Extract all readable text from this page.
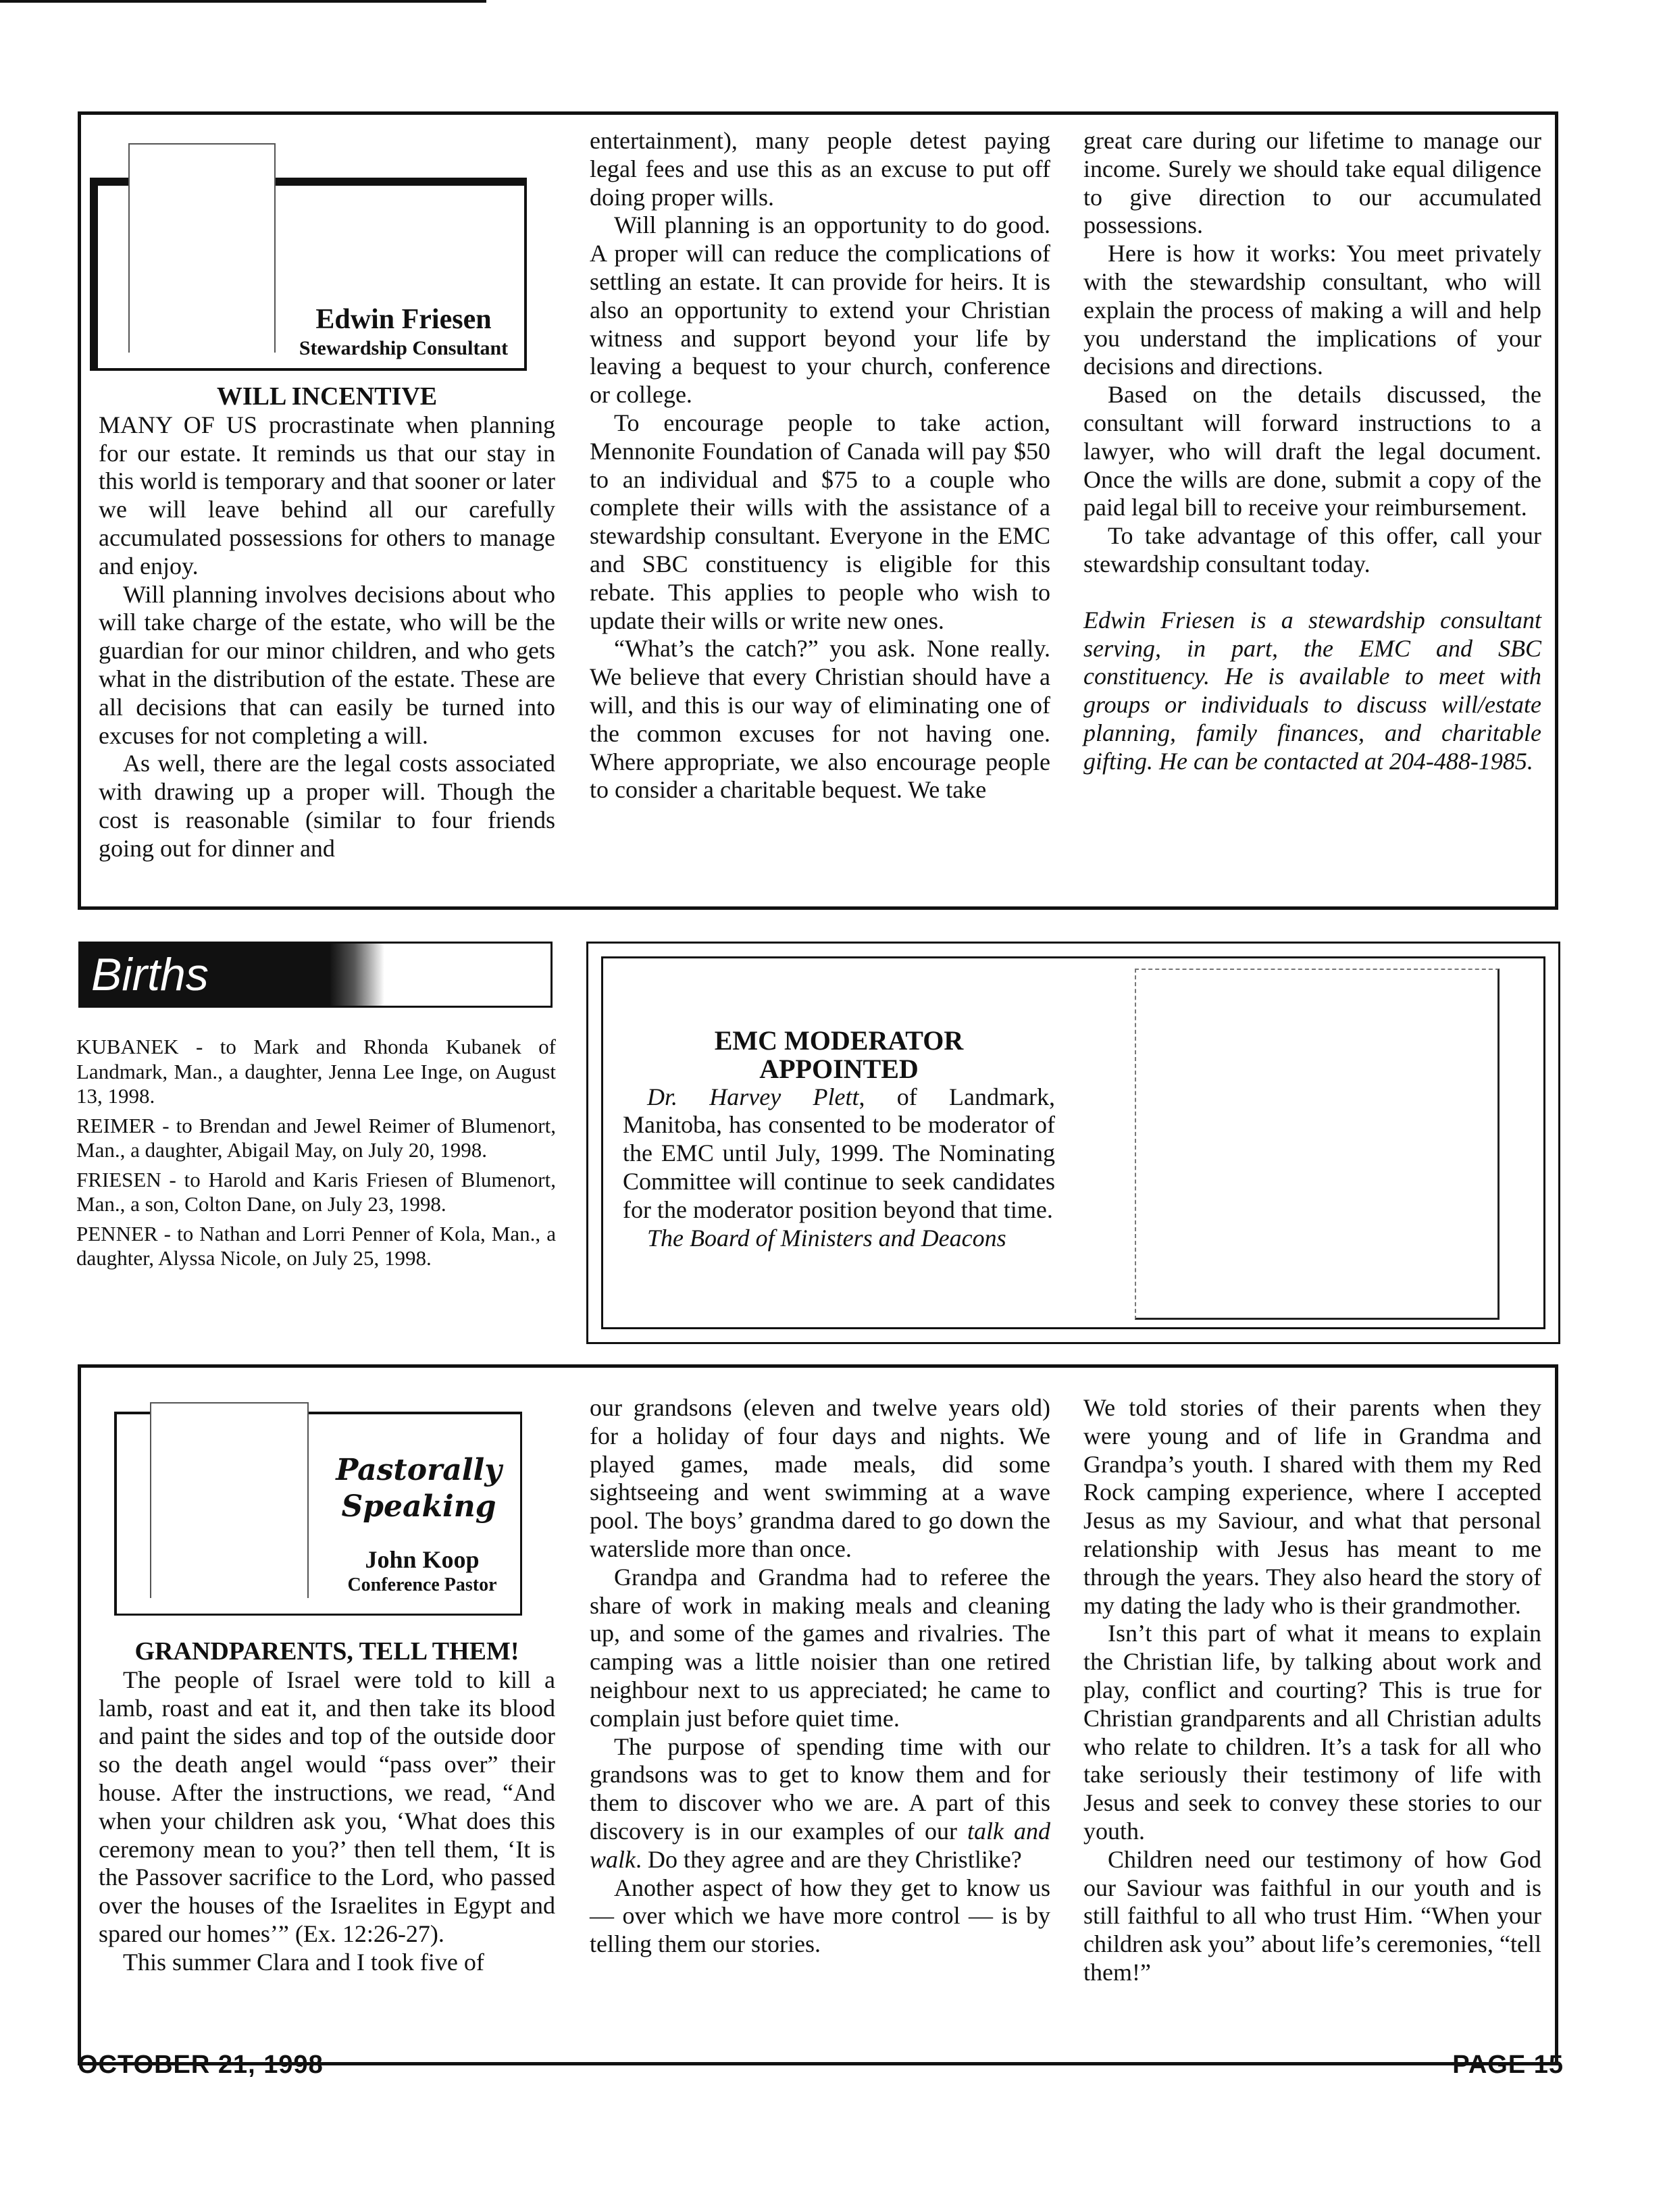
Edwin Friesen
Stewardship Consultant

WILL INCENTIVE

MANY OF US procrastinate when planning for our estate. It reminds us that our stay in this world is temporary and that sooner or later we will leave behind all our carefully accumulated possessions for others to manage and enjoy.

Will planning involves decisions about who will take charge of the estate, who will be the guardian for our minor children, and who gets what in the distribution of the estate. These are all decisions that can easily be turned into excuses for not completing a will.

As well, there are the legal costs associated with drawing up a proper will. Though the cost is reasonable (similar to four friends going out for dinner and

entertainment), many people detest paying legal fees and use this as an excuse to put off doing proper wills.

Will planning is an opportunity to do good. A proper will can reduce the complications of settling an estate. It can provide for heirs. It is also an opportunity to extend your Christian witness and support beyond your life by leaving a bequest to your church, conference or college.

To encourage people to take action, Mennonite Foundation of Canada will pay $50 to an individual and $75 to a couple who complete their wills with the assistance of a stewardship consultant. Everyone in the EMC and SBC constituency is eligible for this rebate. This applies to people who wish to update their wills or write new ones.

“What’s the catch?” you ask. None really. We believe that every Christian should have a will, and this is our way of eliminating one of the common excuses for not having one. Where appropriate, we also encourage people to consider a charitable bequest. We take

great care during our lifetime to manage our income. Surely we should take equal diligence to give direction to our accumulated possessions.

Here is how it works: You meet privately with the stewardship consultant, who will explain the process of making a will and help you understand the implications of your decisions and directions.

Based on the details discussed, the consultant will forward instructions to a lawyer, who will draft the legal document. Once the wills are done, submit a copy of the paid legal bill to receive your reimbursement.

To take advantage of this offer, call your stewardship consultant today.

Edwin Friesen is a stewardship consultant serving, in part, the EMC and SBC constituency. He is available to meet with groups or individuals to discuss will/estate planning, family finances, and charitable gifting. He can be contacted at 204-488-1985.

Births

KUBANEK - to Mark and Rhonda Kubanek of Landmark, Man., a daughter, Jenna Lee Inge, on August 13, 1998.

REIMER - to Brendan and Jewel Reimer of Blumenort, Man., a daughter, Abigail May, on July 20, 1998.

FRIESEN - to Harold and Karis Friesen of Blumenort, Man., a son, Colton Dane, on July 23, 1998.

PENNER - to Nathan and Lorri Penner of Kola, Man., a daughter, Alyssa Nicole, on July 25, 1998.

EMC MODERATOR

APPOINTED

Dr. Harvey Plett, of Landmark, Manitoba, has consented to be moderator of the EMC until July, 1999. The Nominating Committee will continue to seek candidates for the moderator position beyond that time.

The Board of Ministers and Deacons

Pastorally
Speaking
John Koop
Conference Pastor

GRANDPARENTS, TELL THEM!

The people of Israel were told to kill a lamb, roast and eat it, and then take its blood and paint the sides and top of the outside door so the death angel would “pass over” their house. After the instructions, we read, “And when your children ask you, ‘What does this ceremony mean to you?’ then tell them, ‘It is the Passover sacrifice to the Lord, who passed over the houses of the Israelites in Egypt and spared our homes’” (Ex. 12:26-27).

This summer Clara and I took five of

our grandsons (eleven and twelve years old) for a holiday of four days and nights. We played games, made meals, did some sightseeing and went swimming at a wave pool. The boys’ grandma dared to go down the waterslide more than once.

Grandpa and Grandma had to referee the share of work in making meals and cleaning up, and some of the games and rivalries. The camping was a little noisier than one retired neighbour next to us appreciated; he came to complain just before quiet time.

The purpose of spending time with our grandsons was to get to know them and for them to discover who we are. A part of this discovery is in our examples of our talk and walk. Do they agree and are they Christlike?

Another aspect of how they get to know us — over which we have more control — is by telling them our stories.

We told stories of their parents when they were young and of life in Grandma and Grandpa’s youth. I shared with them my Red Rock camping experience, where I accepted Jesus as my Saviour, and what that personal relationship with Jesus has meant to me through the years. They also heard the story of my dating the lady who is their grandmother.

Isn’t this part of what it means to explain the Christian life, by talking about work and play, conflict and courting? This is true for Christian grandparents and all Christian adults who relate to children. It’s a task for all who take seriously their testimony of life with Jesus and seek to convey these stories to our youth.

Children need our testimony of how God our Saviour was faithful in our youth and is still faithful to all who trust Him. “When your children ask you” about life’s ceremonies, “tell them!”

OCTOBER 21, 1998	PAGE 15
